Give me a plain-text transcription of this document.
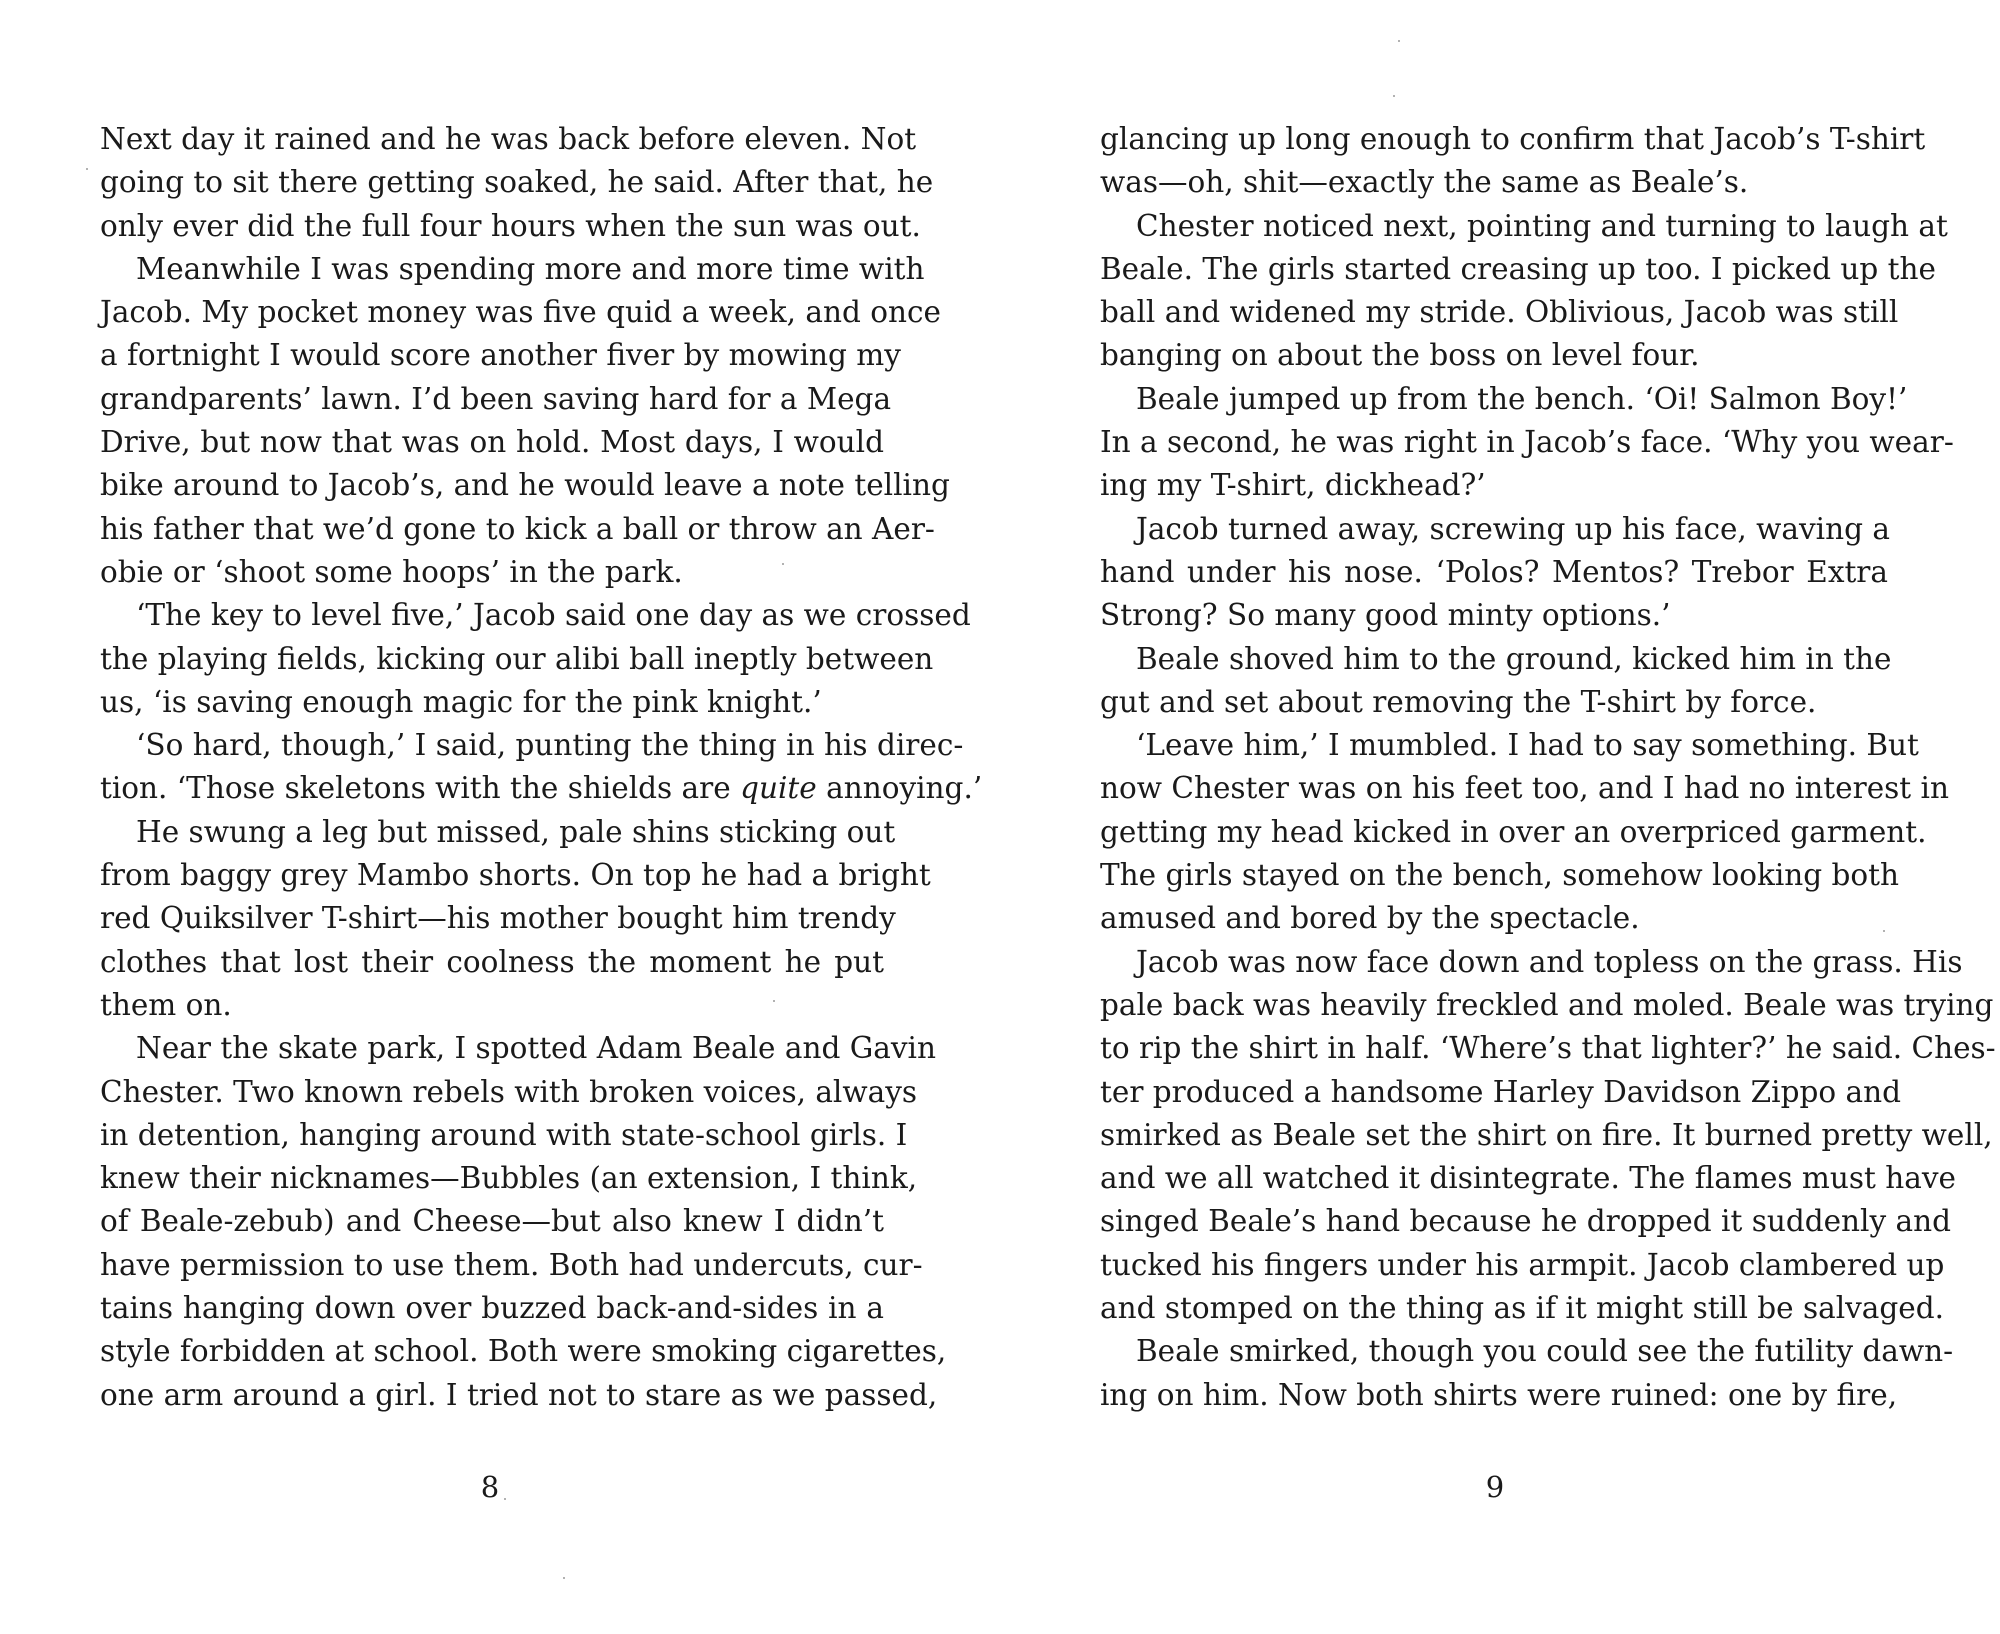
Next day it rained and he was back before eleven. Not
going to sit there getting soaked, he said. After that, he
only ever did the full four hours when the sun was out.
Meanwhile I was spending more and more time with
Jacob. My pocket money was five quid a week, and once
a fortnight I would score another fiver by mowing my
grandparents’ lawn. I’d been saving hard for a Mega
Drive, but now that was on hold. Most days, I would
bike around to Jacob’s, and he would leave a note telling
his father that we’d gone to kick a ball or throw an Aer-
obie or ‘shoot some hoops’ in the park.
‘The key to level five,’ Jacob said one day as we crossed
the playing fields, kicking our alibi ball ineptly between
us, ‘is saving enough magic for the pink knight.’
‘So hard, though,’ I said, punting the thing in his direc-
tion. ‘Those skeletons with the shields are quite annoying.’
He swung a leg but missed, pale shins sticking out
from baggy grey Mambo shorts. On top he had a bright
red Quiksilver T-shirt—his mother bought him trendy
clothes that lost their coolness the moment he put
them on.
Near the skate park, I spotted Adam Beale and Gavin
Chester. Two known rebels with broken voices, always
in detention, hanging around with state-school girls. I
knew their nicknames—Bubbles (an extension, I think,
of Beale-zebub) and Cheese—but also knew I didn’t
have permission to use them. Both had undercuts, cur-
tains hanging down over buzzed back-and-sides in a
style forbidden at school. Both were smoking cigarettes,
one arm around a girl. I tried not to stare as we passed,
8
glancing up long enough to confirm that Jacob’s T-shirt
was—oh, shit—exactly the same as Beale’s.
Chester noticed next, pointing and turning to laugh at
Beale. The girls started creasing up too. I picked up the
ball and widened my stride. Oblivious, Jacob was still
banging on about the boss on level four.
Beale jumped up from the bench. ‘Oi! Salmon Boy!’
In a second, he was right in Jacob’s face. ‘Why you wear-
ing my T-shirt, dickhead?’
Jacob turned away, screwing up his face, waving a
hand under his nose. ‘Polos? Mentos? Trebor Extra
Strong? So many good minty options.’
Beale shoved him to the ground, kicked him in the
gut and set about removing the T-shirt by force.
‘Leave him,’ I mumbled. I had to say something. But
now Chester was on his feet too, and I had no interest in
getting my head kicked in over an overpriced garment.
The girls stayed on the bench, somehow looking both
amused and bored by the spectacle.
Jacob was now face down and topless on the grass. His
pale back was heavily freckled and moled. Beale was trying
to rip the shirt in half. ‘Where’s that lighter?’ he said. Ches-
ter produced a handsome Harley Davidson Zippo and
smirked as Beale set the shirt on fire. It burned pretty well,
and we all watched it disintegrate. The flames must have
singed Beale’s hand because he dropped it suddenly and
tucked his fingers under his armpit. Jacob clambered up
and stomped on the thing as if it might still be salvaged.
Beale smirked, though you could see the futility dawn-
ing on him. Now both shirts were ruined: one by fire,
9
